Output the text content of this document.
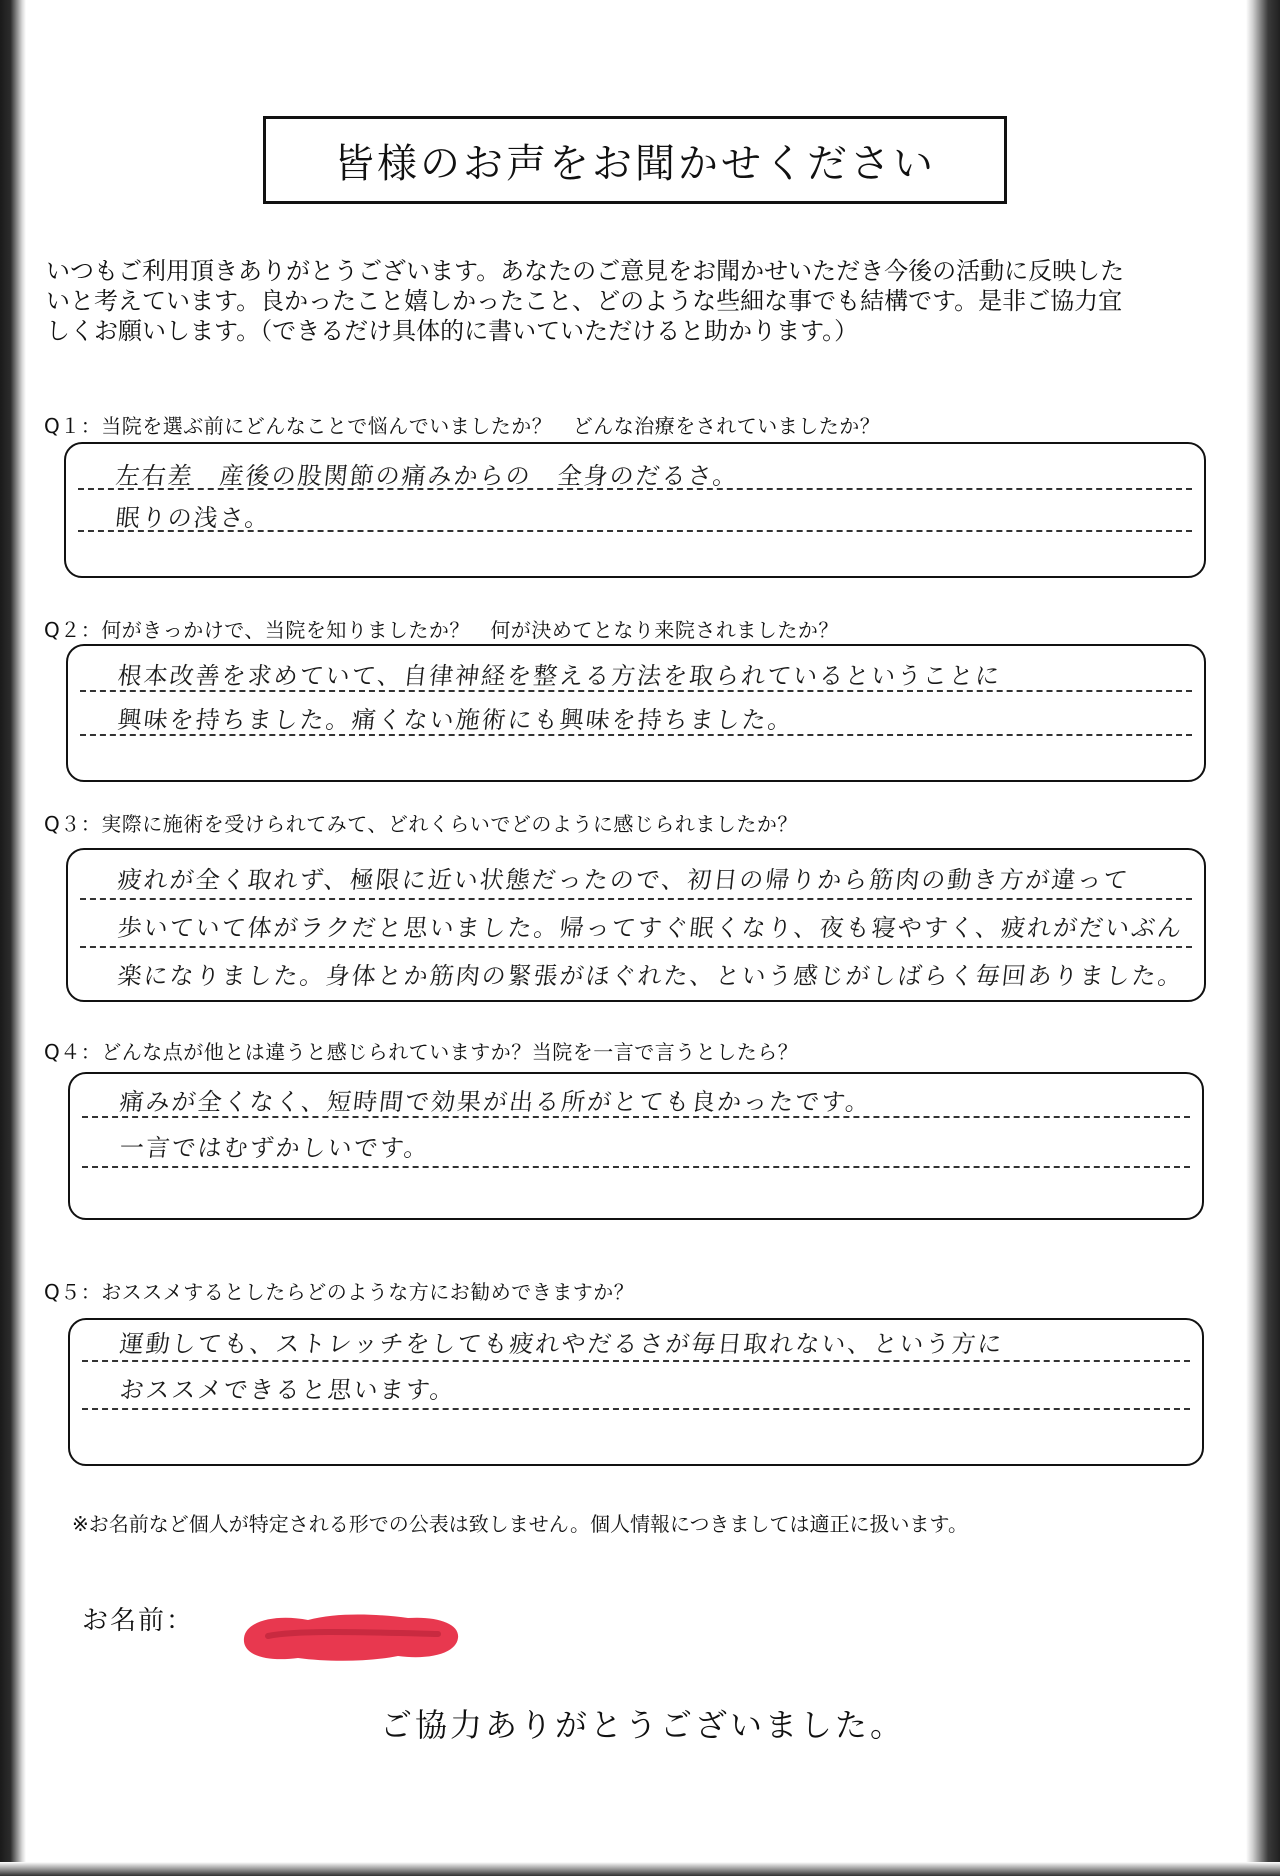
皆様のお声をお聞かせください
いつもご利用頂きありがとうございます。あなたのご意見をお聞かせいただき今後の活動に反映した
いと考えています。良かったこと嬉しかったこと、どのような些細な事でも結構です。是非ご協力宜
しくお願いします。（できるだけ具体的に書いていただけると助かります。）
Q１：当院を選ぶ前にどんなことで悩んでいましたか？　どんな治療をされていましたか？
左右差　産後の股関節の痛みからの　全身のだるさ。
眠りの浅さ。
Q２：何がきっかけで、当院を知りましたか？　何が決めてとなり来院されましたか？
根本改善を求めていて、自律神経を整える方法を取られているということに
興味を持ちました。痛くない施術にも興味を持ちました。
Q３：実際に施術を受けられてみて、どれくらいでどのように感じられましたか？
疲れが全く取れず、極限に近い状態だったので、初日の帰りから筋肉の動き方が違って
歩いていて体がラクだと思いました。帰ってすぐ眠くなり、夜も寝やすく、疲れがだいぶん
楽になりました。身体とか筋肉の緊張がほぐれた、という感じがしばらく毎回ありました。
Q４：どんな点が他とは違うと感じられていますか？当院を一言で言うとしたら？
痛みが全くなく、短時間で効果が出る所がとても良かったです。
一言ではむずかしいです。
Q５：おススメするとしたらどのような方にお勧めできますか？
運動しても、ストレッチをしても疲れやだるさが毎日取れない、という方に
おススメできると思います。
※お名前など個人が特定される形での公表は致しません。個人情報につきましては適正に扱います。
お名前：
ご協力ありがとうございました。
